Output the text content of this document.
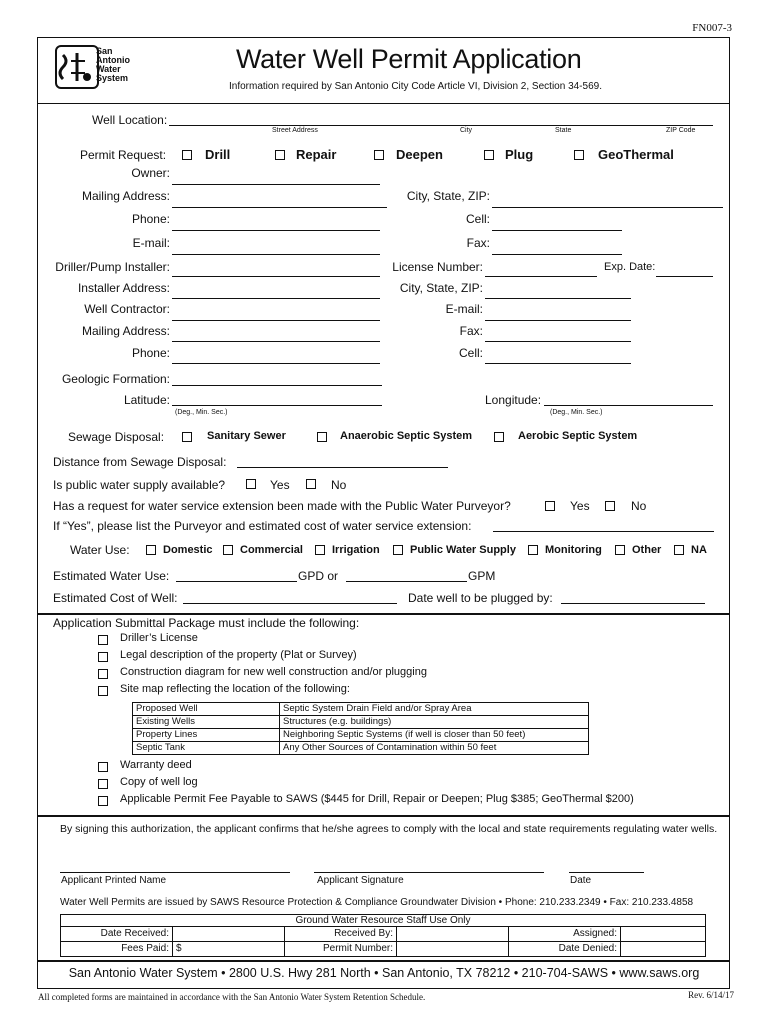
FN007-3
San
Antonio
Water
System
Water Well Permit Application
Information required by San Antonio City Code Article VI, Division 2, Section 34-569.
Well Location:
Street Address	City	State	ZIP Code
Permit Request:	Drill	Repair	Deepen	Plug	GeoThermal
Owner:
Mailing Address:	City, State, ZIP:
Phone:	Cell:
E-mail:	Fax:
Driller/Pump Installer:	License Number:	Exp. Date:
Installer Address:	City, State, ZIP:
Well Contractor:	E-mail:
Mailing Address:	Fax:
Phone:	Cell:
Geologic Formation:
Latitude:
(Deg., Min. Sec.)
Longitude:
(Deg., Min. Sec.)
Sewage Disposal:	Sanitary Sewer	Anaerobic Septic System	Aerobic Septic System
Distance from Sewage Disposal:
Is public water supply available?	Yes	No
Has a request for water service extension been made with the Public Water Purveyor?	Yes	No
If “Yes”, please list the Purveyor and estimated cost of water service extension:
Water Use:	Domestic Commercial	Irrigation	Public Water Supply	Monitoring	Other	NA
Estimated Water Use:	GPD or	GPM
Estimated Cost of Well:	Date well to be plugged by:
Application Submittal Package must include the following:
Driller’s License
Legal description of the property (Plat or Survey)
Construction diagram for new well construction and/or plugging
Site map reflecting the location of the following:
Proposed Well	Septic System Drain Field and/or Spray Area
Existing Wells	Structures (e.g. buildings)
Property Lines	Neighboring Septic Systems (if well is closer than 50 feet)
Septic Tank	Any Other Sources of Contamination within 50 feet
Warranty deed
Copy of well log
Applicable Permit Fee Payable to SAWS ($445 for Drill, Repair or Deepen; Plug $385; GeoThermal $200)
By signing this authorization, the applicant confirms that he/she agrees to comply with the local and state requirements regulating water wells.
Applicant Printed Name	Applicant Signature	Date
Water Well Permits are issued by SAWS Resource Protection & Compliance Groundwater Division • Phone: 210.233.2349 • Fax: 210.233.4858
Ground Water Resource Staff Use Only					
Date Received:		Received By:		Assigned:	
Fees Paid:	$	Permit Number:		Date Denied:	
San Antonio Water System • 2800 U.S. Hwy 281 North • San Antonio, TX 78212 • 210-704-SAWS • www.saws.org
All completed forms are maintained in accordance with the San Antonio Water System Retention Schedule.	Rev. 6/14/17
